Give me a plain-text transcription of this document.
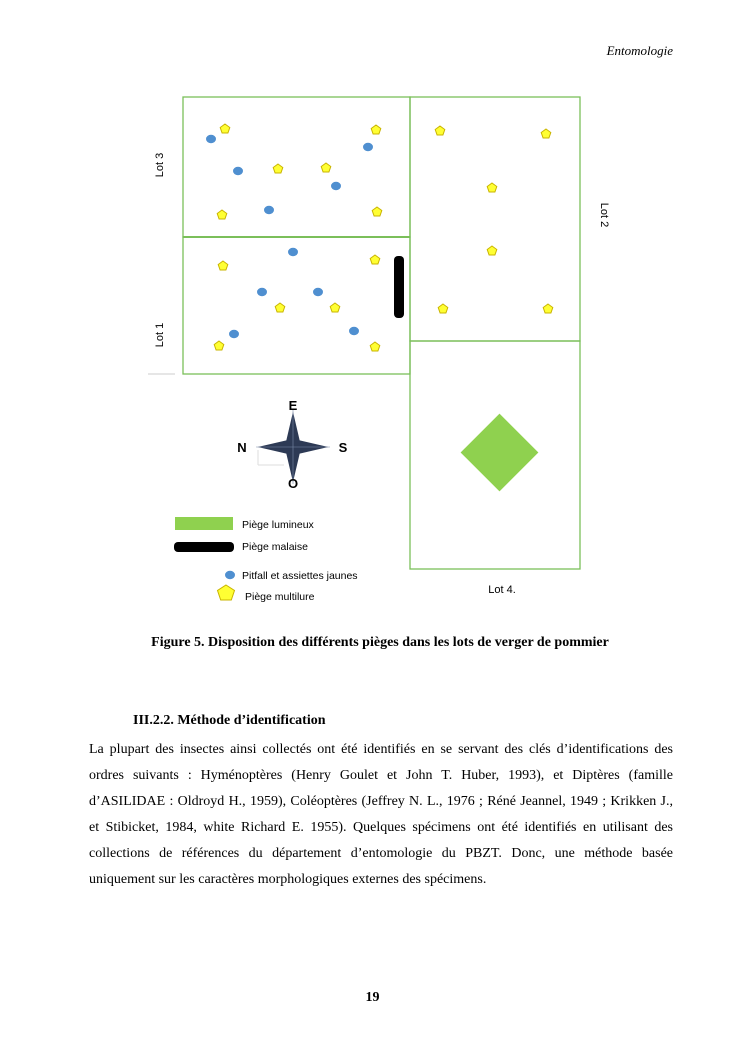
Entomologie
Lot 3
Lot 1
Lot 2
Lot 4.
E
N	S
O
Piège lumineux
Piège malaise
Pitfall et assiettes jaunes
Piège multilure
Figure 5. Disposition des différents pièges dans les lots de verger de pommier
III.2.2. Méthode d’identification
La plupart des insectes ainsi collectés ont été identifiés en se servant des clés d’identifications des ordres suivants : Hyménoptères (Henry Goulet et John T. Huber, 1993), et Diptères (famille d’ASILIDAE : Oldroyd H., 1959), Coléoptères (Jeffrey N. L., 1976 ; Réné Jeannel, 1949 ; Krikken J., et Stibicket, 1984, white Richard E. 1955). Quelques spécimens ont été identifiés en utilisant des collections de références du département d’entomologie du PBZT. Donc, une méthode basée uniquement sur les caractères morphologiques externes des spécimens.
19
